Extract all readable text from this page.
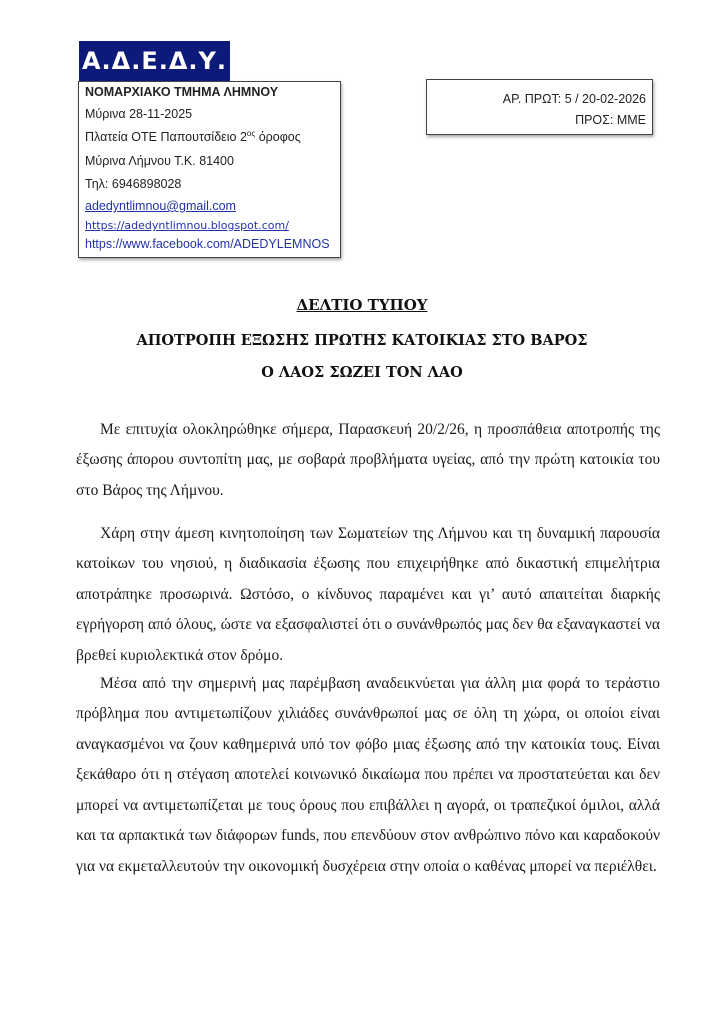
Α.Δ.Ε.Δ.Υ.
ΝΟΜΑΡΧΙΑΚΟ ΤΜΗΜΑ ΛΗΜΝΟΥ
Μύρινα 28-11-2025
Πλατεία ΟΤΕ Παπουτσίδειο $2^{o\varsigma}$ όροφος
Μύρινα Λήμνου Τ.Κ. 81400
Τηλ: 6946898028
adedyntlimnou@gmail.com
https://adedyntlimnou.blogspot.com/
https://www.facebook.com/ADEDYLEMNOS
ΑΡ. ΠΡΩΤ: 5 / 20-02-2026
ΠΡΟΣ: ΜΜΕ
ΔΕΛΤΙΟ ΤΥΠΟΥ
ΑΠΟΤΡΟΠΗ ΕΞΩΣΗΣ ΠΡΩΤΗΣ ΚΑΤΟΙΚΙΑΣ ΣΤΟ ΒΑΡΟΣ
Ο ΛΑΟΣ ΣΩΖΕΙ ΤΟΝ ΛΑΟ

Με επιτυχία ολοκληρώθηκε σήμερα, Παρασκευή 20/2/26, η προσπάθεια αποτροπής της έξωσης άπορου συντοπίτη μας, με σοβαρά προβλήματα υγείας, από την πρώτη κατοικία του στο Βάρος της Λήμνου.

Χάρη στην άμεση κινητοποίηση των Σωματείων της Λήμνου και τη δυναμική παρουσία κατοίκων του νησιού, η διαδικασία έξωσης που επιχειρήθηκε από δικαστική επιμελήτρια αποτράπηκε προσωρινά. Ωστόσο, ο κίνδυνος παραμένει και γι’ αυτό απαιτείται διαρκής εγρήγορση από όλους, ώστε να εξασφαλιστεί ότι ο συνάνθρωπός μας δεν θα εξαναγκαστεί να βρεθεί κυριολεκτικά στον δρόμο.

Μέσα από την σημερινή μας παρέμβαση αναδεικνύεται για άλλη μια φορά το τεράστιο πρόβλημα που αντιμετωπίζουν χιλιάδες συνάνθρωποί μας σε όλη τη χώρα, οι οποίοι είναι αναγκασμένοι να ζουν καθημερινά υπό τον φόβο μιας έξωσης από την κατοικία τους. Είναι ξεκάθαρο ότι η στέγαση αποτελεί κοινωνικό δικαίωμα που πρέπει να προστατεύεται και δεν μπορεί να αντιμετωπίζεται με τους όρους που επιβάλλει η αγορά, οι τραπεζικοί όμιλοι, αλλά και τα αρπακτικά των διάφορων funds, που επενδύουν στον ανθρώπινο πόνο και καραδοκούν για να εκμεταλλευτούν την οικονομική δυσχέρεια στην οποία ο καθένας μπορεί να περιέλθει.
